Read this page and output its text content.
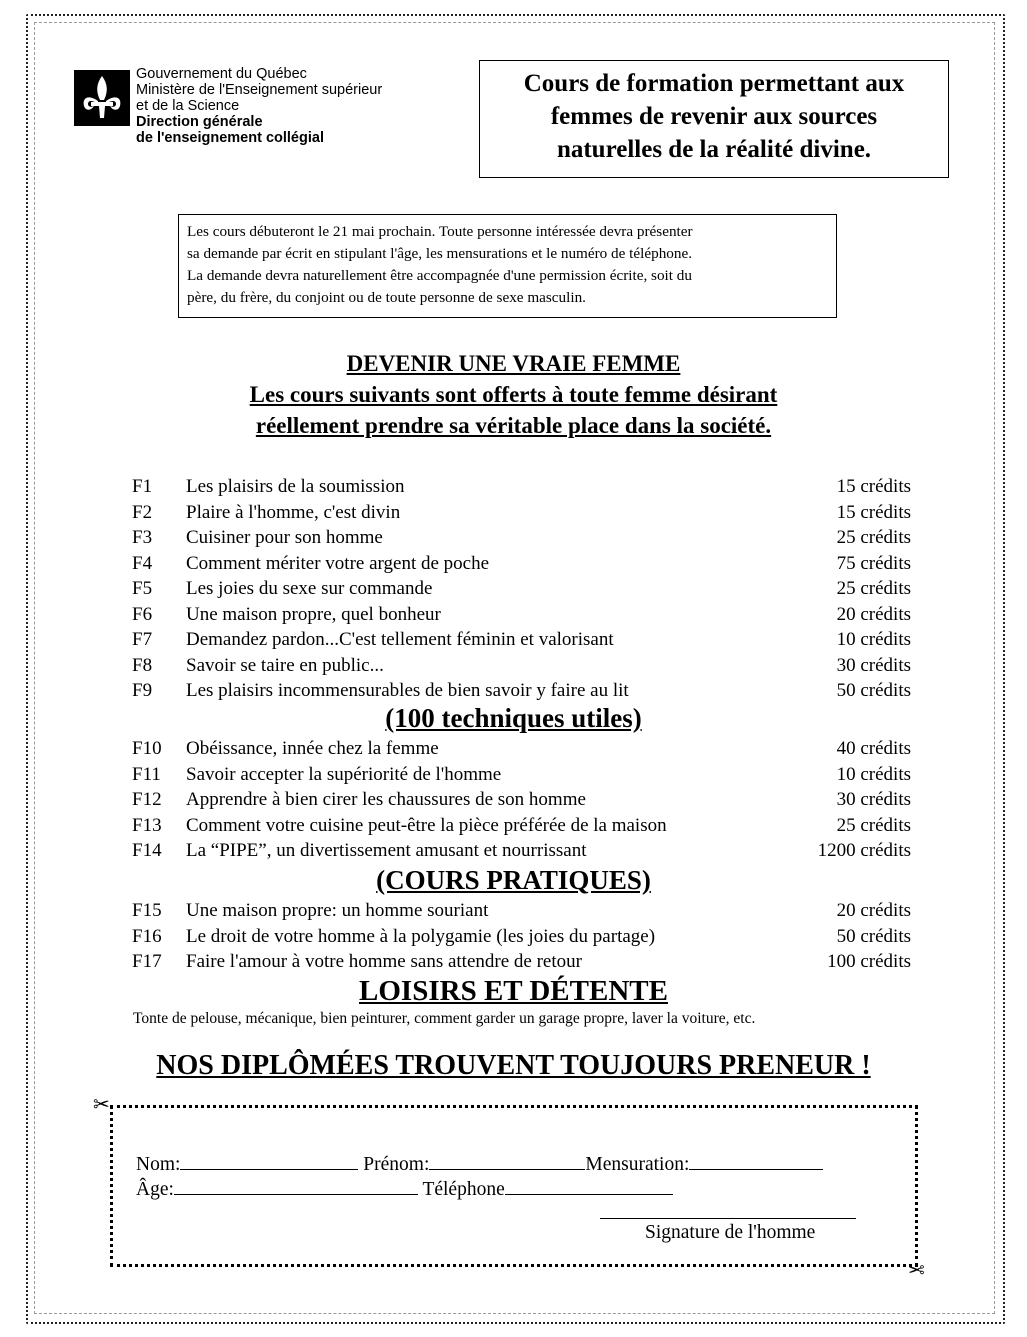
Gouvernement du Québec
Ministère de l'Enseignement supérieur
et de la Science
Direction générale
de l'enseignement collégial
Cours de formation permettant aux
femmes de revenir aux sources
naturelles de la réalité divine.
Les cours débuteront le 21 mai prochain. Toute personne intéressée devra présenter
sa demande par écrit en stipulant l'âge, les mensurations et le numéro de téléphone.
La demande devra naturellement être accompagnée d'une permission écrite, soit du
père, du frère, du conjoint ou de toute personne de sexe masculin.
DEVENIR UNE VRAIE FEMME
Les cours suivants sont offerts à toute femme désirant
réellement prendre sa véritable place dans la société.
F1 Les plaisirs de la soumission	15 crédits
F2 Plaire à l'homme, c'est divin	15 crédits
F3 Cuisiner pour son homme	25 crédits
F4 Comment mériter votre argent de poche	75 crédits
F5 Les joies du sexe sur commande	25 crédits
F6 Une maison propre, quel bonheur	20 crédits
F7 Demandez pardon...C'est tellement féminin et valorisant	10 crédits
F8 Savoir se taire en public...	30 crédits
F9 Les plaisirs incommensurables de bien savoir y faire au lit	50 crédits
(100 techniques utiles)
F10 Obéissance, innée chez la femme	40 crédits
F11 Savoir accepter la supériorité de l'homme	10 crédits
F12 Apprendre à bien cirer les chaussures de son homme	30 crédits
F13 Comment votre cuisine peut-être la pièce préférée de la maison	25 crédits
F14 La “PIPE”, un divertissement amusant et nourrissant	1200 crédits
(COURS PRATIQUES)
F15 Une maison propre: un homme souriant	20 crédits
F16 Le droit de votre homme à la polygamie (les joies du partage)	50 crédits
F17 Faire l'amour à votre homme sans attendre de retour	100 crédits
LOISIRS ET DÉTENTE
Tonte de pelouse, mécanique, bien peinturer, comment garder un garage propre, laver la voiture, etc.
NOS DIPLÔMÉES TROUVENT TOUJOURS PRENEUR !
✂
✂
Nom:	Prénom:	Mensuration:
Âge:	Téléphone
Signature de l'homme
